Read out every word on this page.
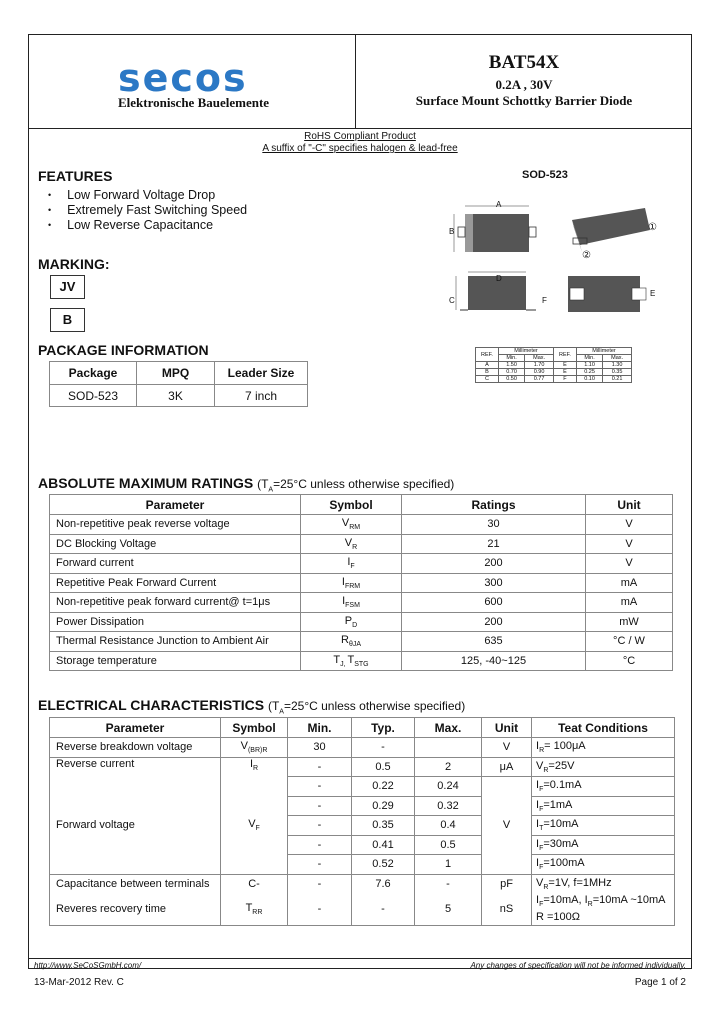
secos
Elektronische Bauelemente
BAT54X
0.2A , 30V
Surface Mount Schottky Barrier Diode
RoHS Compliant Product
A suffix of "-C" specifies halogen & lead-free
FEATURES
• Low Forward Voltage Drop
• Extremely Fast Switching Speed
• Low Reverse Capacitance
MARKING:
JV
B
PACKAGE INFORMATION
Package	MPQ	Leader Size
SOD-523	3K	7 inch
SOD-523
A
B
D
C	F
E
①
②
REF.	Millimeter		REF.	Millimeter	
	Min.	Max.		Min.	Max.
A	1.50	1.70	E	1.10	1.30
B	0.70	0.90	E	0.25	0.35
C	0.50	0.77	F	0.10	0.21
ABSOLUTE MAXIMUM RATINGS ($T_A=25^\circ C$ unless otherwise specified)
Parameter	Symbol	Ratings	Unit
Non-repetitive peak reverse voltage	$V_{RM}$	30	V
DC Blocking Voltage	$V_R$	21	V
Forward current	$I_F$	200	V
Repetitive Peak Forward Current	$I_{FRM}$	300	mA
Non-repetitive peak forward current@ t=1μs	$I_{FSM}$	600	mA
Power Dissipation	$P_D$	200	mW
Thermal Resistance Junction to Ambient Air	$R_{\theta JA}$	635	°C / W
Storage temperature	$T_{J,}$ $T_{STG}$	125, -40~125	°C
ELECTRICAL CHARACTERISTICS ($T_A=25^\circ C$ unless otherwise specified)
Parameter	Symbol	Min.	Typ.	Max.	Unit	Teat Conditions
Reverse breakdown voltage	$V_{(BR)R}$	30	-		V	$I_R= 100\mu A$
Reverse current	$I_R$	-	0.5	2	μA	$V_R=25V$
Forward voltage	$V_F$	-	0.22	0.24	V	$I_F=0.1mA$
		-	0.29	0.32		$I_F=1mA$
		-	0.35	0.4		$I_T=10mA$
		-	0.41	0.5		$I_F=30mA$
		-	0.52	1		$I_F=100mA$
Capacitance between terminals	C-	-	7.6	-	pF	$V_R=1V$, f=1MHz
Reveres recovery time	$T_{RR}$	-	-	5	nS	$I_F=10mA$, $I_R=10mA$ ~10mA
R =100Ω
http://www.SeCoSGmbH.com/	Any changes of specification will not be informed individually.
13-Mar-2012 Rev. C	Page 1 of 2
